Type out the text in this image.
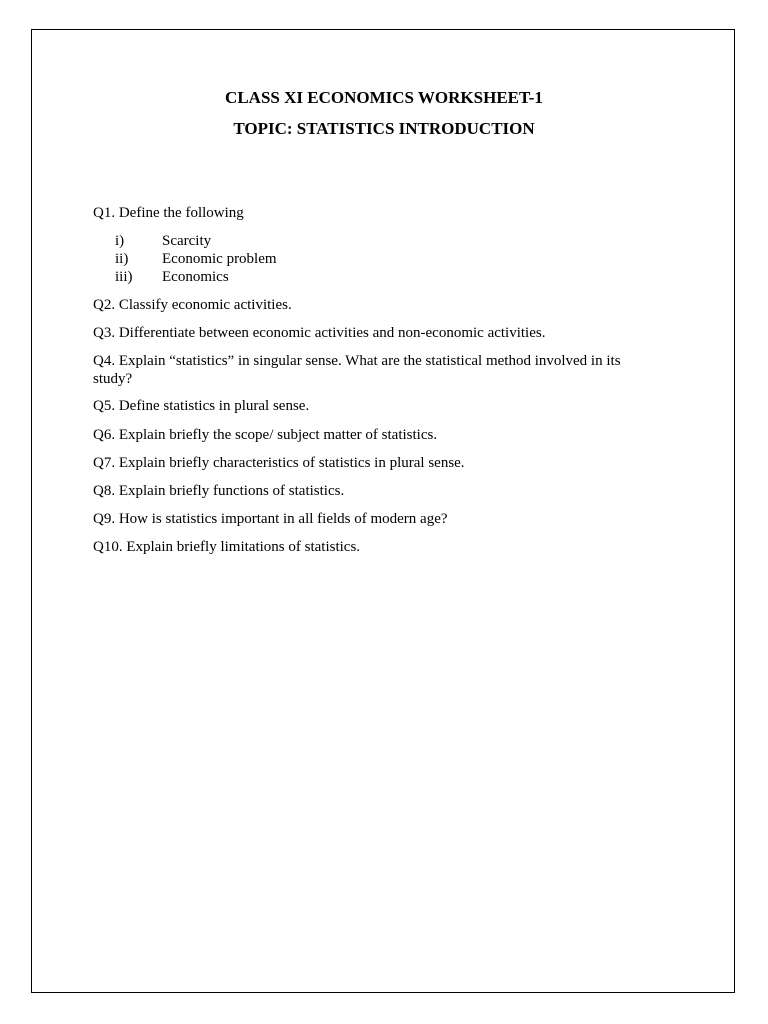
CLASS XI ECONOMICS WORKSHEET-1
TOPIC: STATISTICS INTRODUCTION
Q1. Define the following
i)	Scarcity
ii) Economic problem
iii) Economics
Q2. Classify economic activities.
Q3. Differentiate between economic activities and non-economic activities.
Q4. Explain “statistics” in singular sense. What are the statistical method involved in its study?
Q5. Define statistics in plural sense.
Q6. Explain briefly the scope/ subject matter of statistics.
Q7. Explain briefly characteristics of statistics in plural sense.
Q8. Explain briefly functions of statistics.
Q9. How is statistics important in all fields of modern age?
Q10. Explain briefly limitations of statistics.
